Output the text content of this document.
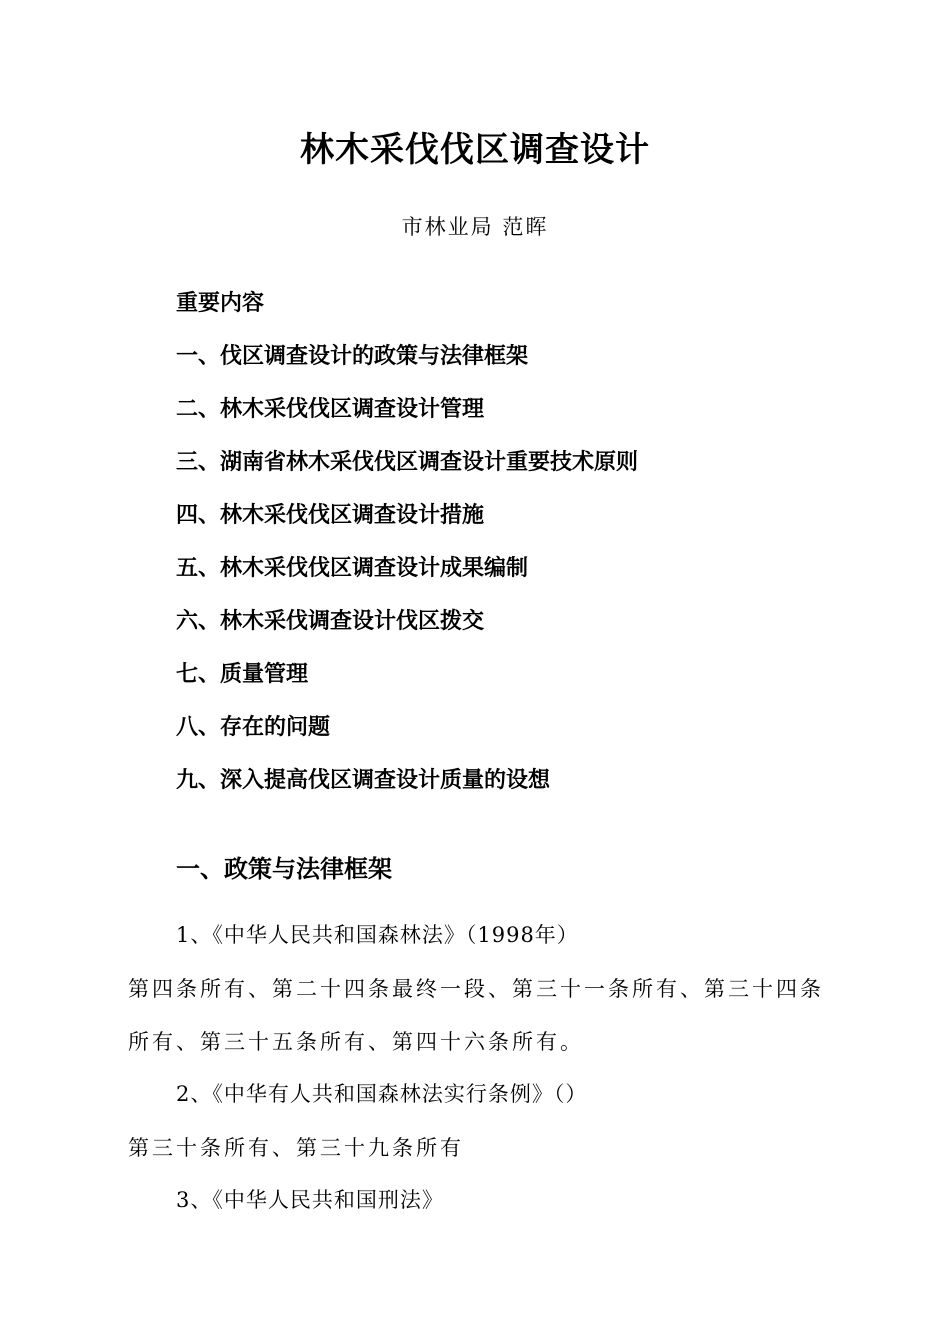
林木采伐伐区调查设计
市林业局 范晖
重要内容
一、伐区调查设计的政策与法律框架
二、林木采伐伐区调查设计管理
三、湖南省林木采伐伐区调查设计重要技术原则
四、林木采伐伐区调查设计措施
五、林木采伐伐区调查设计成果编制
六、林木采伐调查设计伐区拨交
七、质量管理
八、存在的问题
九、深入提高伐区调查设计质量的设想
一、政策与法律框架
1、《中华人民共和国森林法》（1998年）
第四条所有、第二十四条最终一段、第三十一条所有、第三十四条
所有、第三十五条所有、第四十六条所有。
2、《中华有人共和国森林法实行条例》（）
第三十条所有、第三十九条所有
3、《中华人民共和国刑法》
